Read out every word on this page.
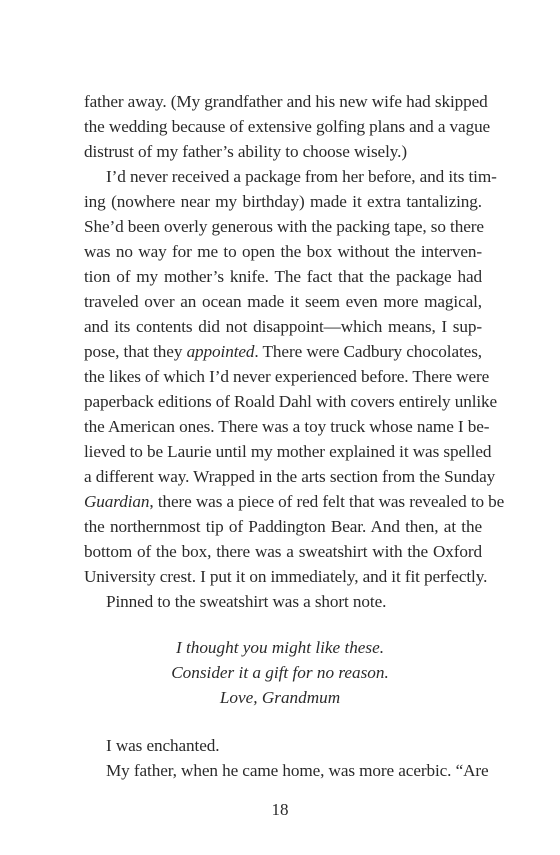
father away. (My grandfather and his new wife had skipped
the wedding because of extensive golfing plans and a vague
distrust of my father’s ability to choose wisely.)
I’d never received a package from her before, and its tim-
ing (nowhere near my birthday) made it extra tantalizing.
She’d been overly generous with the packing tape, so there
was no way for me to open the box without the interven-
tion of my mother’s knife. The fact that the package had
traveled over an ocean made it seem even more magical,
and its contents did not disappoint—which means, I sup-
pose, that they appointed. There were Cadbury chocolates,
the likes of which I’d never experienced before. There were
paperback editions of Roald Dahl with covers entirely unlike
the American ones. There was a toy truck whose name I be-
lieved to be Laurie until my mother explained it was spelled
a different way. Wrapped in the arts section from the Sunday
Guardian, there was a piece of red felt that was revealed to be
the northernmost tip of Paddington Bear. And then, at the
bottom of the box, there was a sweatshirt with the Oxford
University crest. I put it on immediately, and it fit perfectly.
Pinned to the sweatshirt was a short note.
I thought you might like these.
Consider it a gift for no reason.
Love, Grandmum
I was enchanted.
My father, when he came home, was more acerbic. “Are
18
